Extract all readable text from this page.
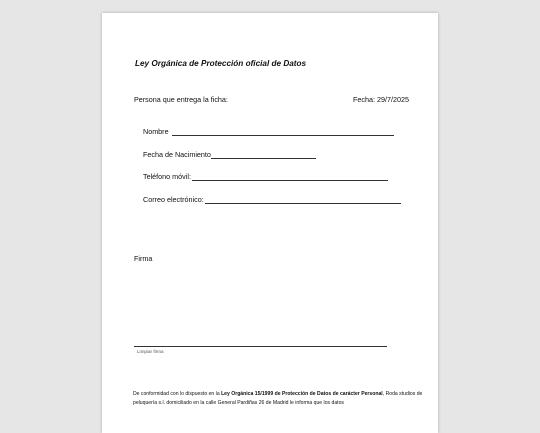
Ley Orgánica de Protección oficial de Datos
Persona que entrega la ficha:	Fecha: 29/7/2025
Nombre
Fecha de Nacimiento
Teléfono móvil:
Correo electrónico:
Firma
Limpiar firma
De conformidad con lo dispuesto en la Ley Orgánica 15/1999 de Protección de Datos de carácter Personal, Roda studios de peluquería s.l. domiciliado en la calle General Pardiñas 26 de Madrid le informa que los datos
